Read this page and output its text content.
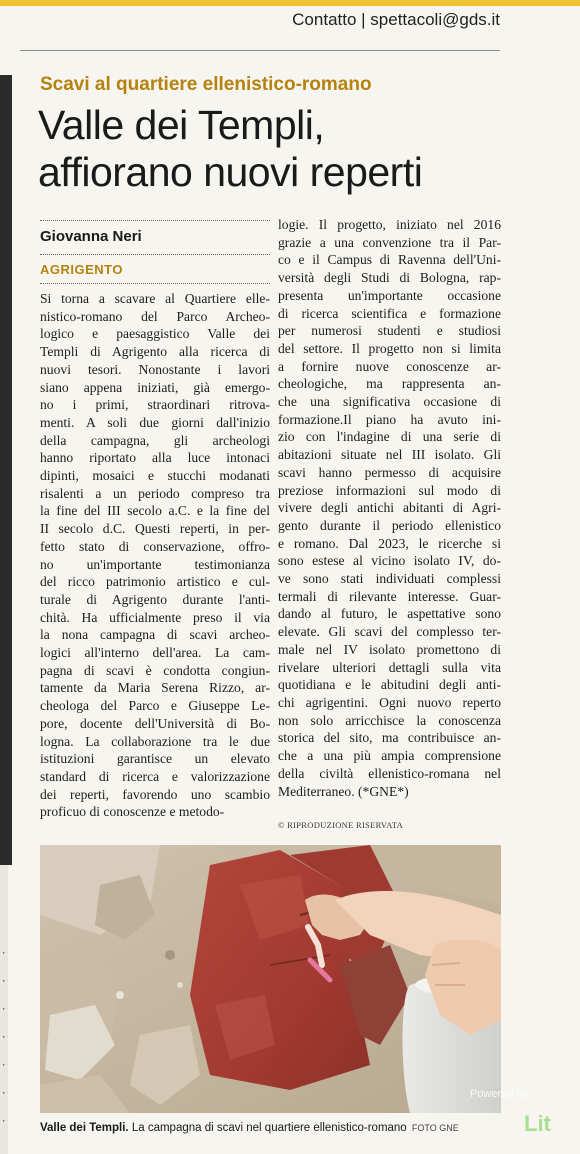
·
·
·
·
·
·
·
Contatto | spettacoli@gds.it
Scavi al quartiere ellenistico-romano
Valle dei Templi,
affiorano nuovi reperti
Giovanna Neri
AGRIGENTO
Si torna a scavare al Quartiere elle-
nistico-romano del Parco Archeo-
logico e paesaggistico Valle dei
Templi di Agrigento alla ricerca di
nuovi tesori. Nonostante i lavori
siano appena iniziati, già emergo-
no i primi, straordinari ritrova-
menti. A soli due giorni dall'inizio
della campagna, gli archeologi
hanno riportato alla luce intonaci
dipinti, mosaici e stucchi modanati
risalenti a un periodo compreso tra
la fine del III secolo a.C. e la fine del
II secolo d.C. Questi reperti, in per-
fetto stato di conservazione, offro-
no un'importante testimonianza
del ricco patrimonio artistico e cul-
turale di Agrigento durante l'anti-
chità. Ha ufficialmente preso il via
la nona campagna di scavi archeo-
logici all'interno dell'area. La cam-
pagna di scavi è condotta congiun-
tamente da Maria Serena Rizzo, ar-
cheologa del Parco e Giuseppe Le-
pore, docente dell'Università di Bo-
logna. La collaborazione tra le due
istituzioni garantisce un elevato
standard di ricerca e valorizzazione
dei reperti, favorendo uno scambio
proficuo di conoscenze e metodo-
logie. Il progetto, iniziato nel 2016
grazie a una convenzione tra il Par-
co e il Campus di Ravenna dell'Uni-
versità degli Studi di Bologna, rap-
presenta un'importante occasione
di ricerca scientifica e formazione
per numerosi studenti e studiosi
del settore. Il progetto non si limita
a fornire nuove conoscenze ar-
cheologiche, ma rappresenta an-
che una significativa occasione di
formazione.Il piano ha avuto ini-
zio con l'indagine di una serie di
abitazioni situate nel III isolato. Gli
scavi hanno permesso di acquisire
preziose informazioni sul modo di
vivere degli antichi abitanti di Agri-
gento durante il periodo ellenistico
e romano. Dal 2023, le ricerche si
sono estese al vicino isolato IV, do-
ve sono stati individuati complessi
termali di rilevante interesse. Guar-
dando al futuro, le aspettative sono
elevate. Gli scavi del complesso ter-
male nel IV isolato promettono di
rivelare ulteriori dettagli sulla vita
quotidiana e le abitudini degli anti-
chi agrigentini. Ogni nuovo reperto
non solo arricchisce la conoscenza
storica del sito, ma contribuisce an-
che a una più ampia comprensione
della civiltà ellenistico-romana nel
Mediterraneo. (*GNE*)
© RIPRODUZIONE RISERVATA
Powered by
Lit
Valle dei Templi. La campagna di scavi nel quartiere ellenistico-romano FOTO GNE
